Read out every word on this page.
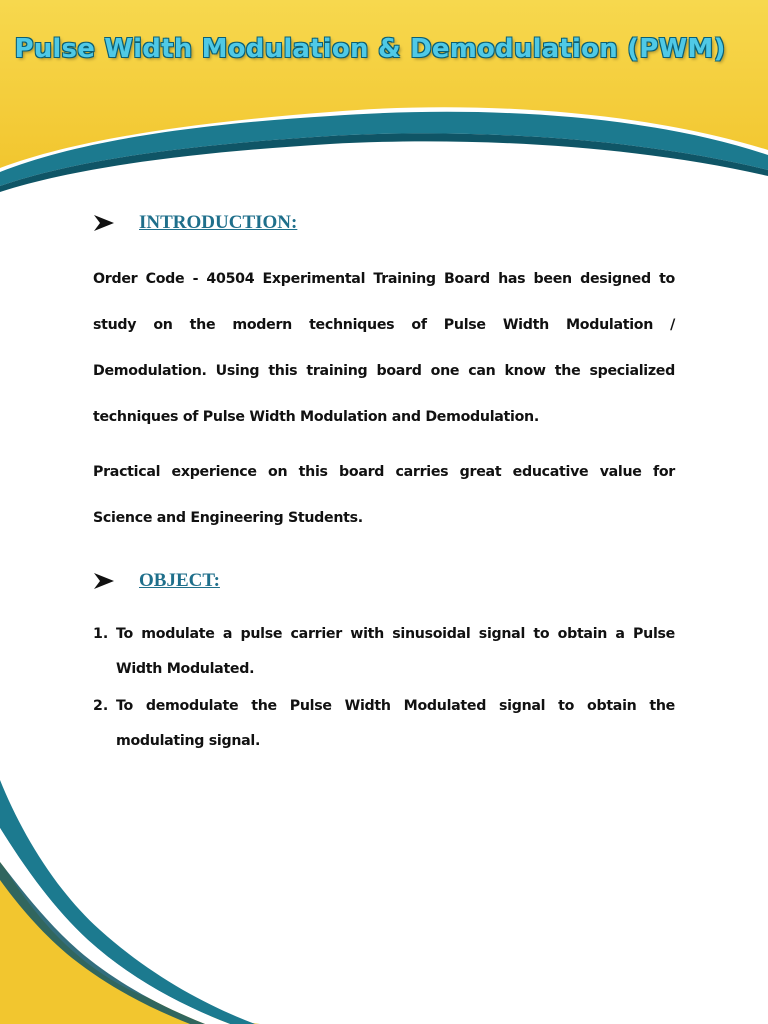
Pulse Width Modulation & Demodulation (PWM)
INTRODUCTION:

Order Code - 40504 Experimental Training Board has been designed to study on the modern techniques of Pulse Width Modulation / Demodulation. Using this training board one can know the specialized techniques of Pulse Width Modulation and Demodulation.

Practical experience on this board carries great educative value for Science and Engineering Students.

OBJECT:
1. To modulate a pulse carrier with sinusoidal signal to obtain a Pulse Width Modulated.
2. To demodulate the Pulse Width Modulated signal to obtain the modulating signal.
